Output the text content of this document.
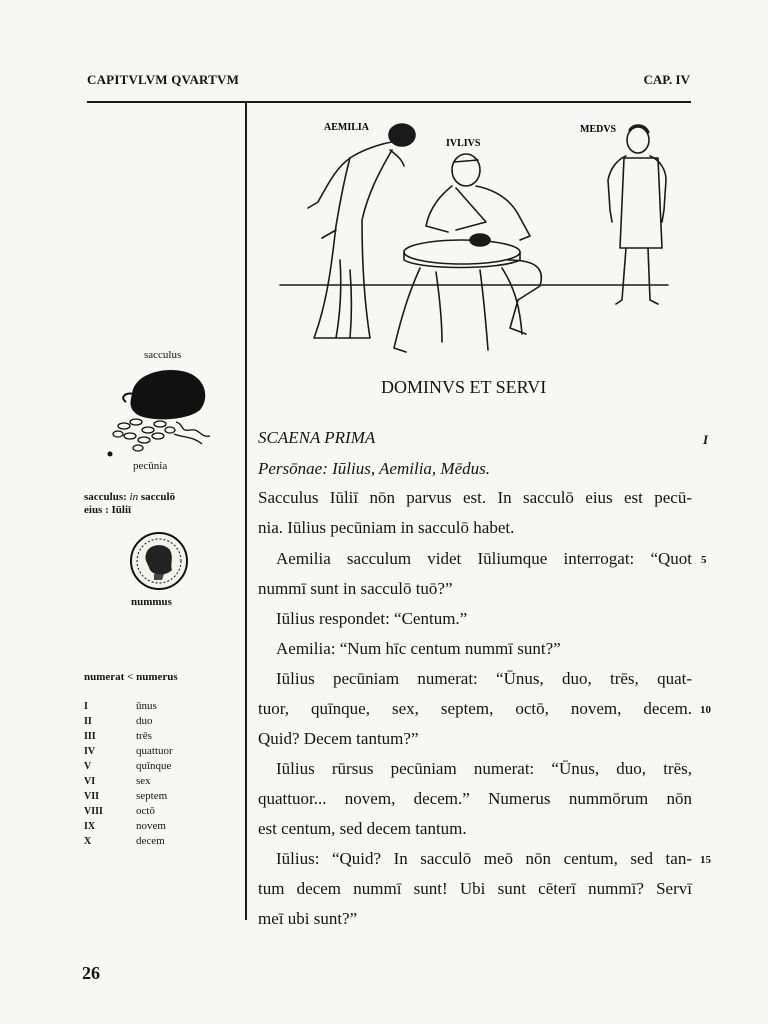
CAPITVLVM QVARTVM	CAP. IV
AEMILIA
IVLIVS
MEDVS
DOMINVS ET SERVI
SCAENA PRIMA	I
Persōnae: Iūlius, Aemilia, Mēdus.
Sacculus Iūliī nōn parvus est. In sacculō eius est pecū-
nia. Iūlius pecūniam in sacculō habet.
Aemilia sacculum videt Iūliumque interrogat: “Quot
nummī sunt in sacculō tuō?”
Iūlius respondet: “Centum.”
Aemilia: “Num hīc centum nummī sunt?”
Iūlius pecūniam numerat: “Ūnus, duo, trēs, quat-
tuor, quīnque, sex, septem, octō, novem, decem.
Quid? Decem tantum?”
Iūlius rūrsus pecūniam numerat: “Ūnus, duo, trēs,
quattuor... novem, decem.” Numerus nummōrum nōn
est centum, sed decem tantum.
Iūlius: “Quid? In sacculō meō nōn centum, sed tan-
tum decem nummī sunt! Ubi sunt cēterī nummī? Servī
meī ubi sunt?”
5
10
15
sacculus
pecūnia
sacculus: in sacculō
eius : Iūliī
nummus
numerat < numerus
I	ūnus
II	duo
III	trēs
IV	quattuor
V	quīnque
VI	sex
VII	septem
VIII	octō
IX	novem
X	decem
26
